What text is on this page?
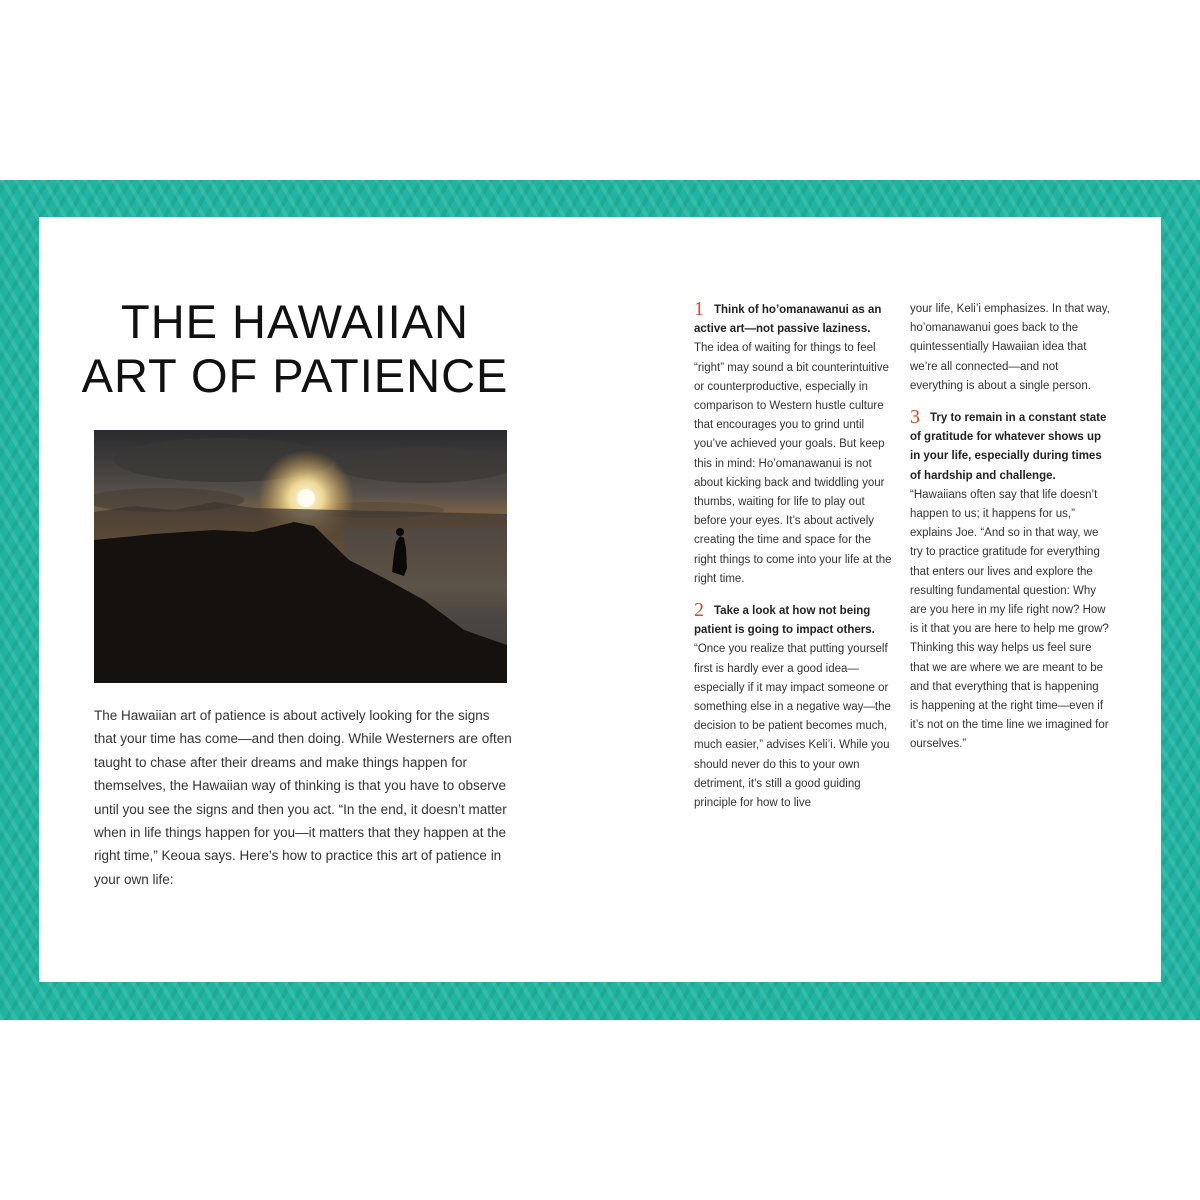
THE HAWAIIAN
ART OF PATIENCE

The Hawaiian art of patience is about actively looking for the signs that your time has come—and then doing. While Westerners are often taught to chase after their dreams and make things happen for themselves, the Hawaiian way of thinking is that you have to observe until you see the signs and then you act. “In the end, it doesn’t matter when in life things happen for you—it matters that they happen at the right time,” Keoua says. Here’s how to practice this art of patience in your own life:

1 Think of ho’omanawanui as an active art—not passive laziness. The idea of waiting for things to feel “right” may sound a bit counterintuitive or counterproductive, especially in comparison to Western hustle culture that encourages you to grind until you’ve achieved your goals. But keep this in mind: Ho’omanawanui is not about kicking back and twiddling your thumbs, waiting for life to play out before your eyes. It’s about actively creating the time and space for the right things to come into your life at the right time.

2 Take a look at how not being patient is going to impact others. “Once you realize that putting yourself first is hardly ever a good idea—especially if it may impact someone or something else in a negative way—the decision to be patient becomes much, much easier,” advises Keli’i. While you should never do this to your own detriment, it’s still a good guiding principle for how to live

your life, Keli’i emphasizes. In that way, ho’omanawanui goes back to the quintessentially Hawaiian idea that we’re all connected—and not everything is about a single person.

3 Try to remain in a constant state of gratitude for whatever shows up in your life, especially during times of hardship and challenge. “Hawaiians often say that life doesn’t happen to us; it happens for us,” explains Joe. “And so in that way, we try to practice gratitude for everything that enters our lives and explore the resulting fundamental question: Why are you here in my life right now? How is it that you are here to help me grow? Thinking this way helps us feel sure that we are where we are meant to be and that everything that is happening is happening at the right time—even if it’s not on the time line we imagined for ourselves.”
